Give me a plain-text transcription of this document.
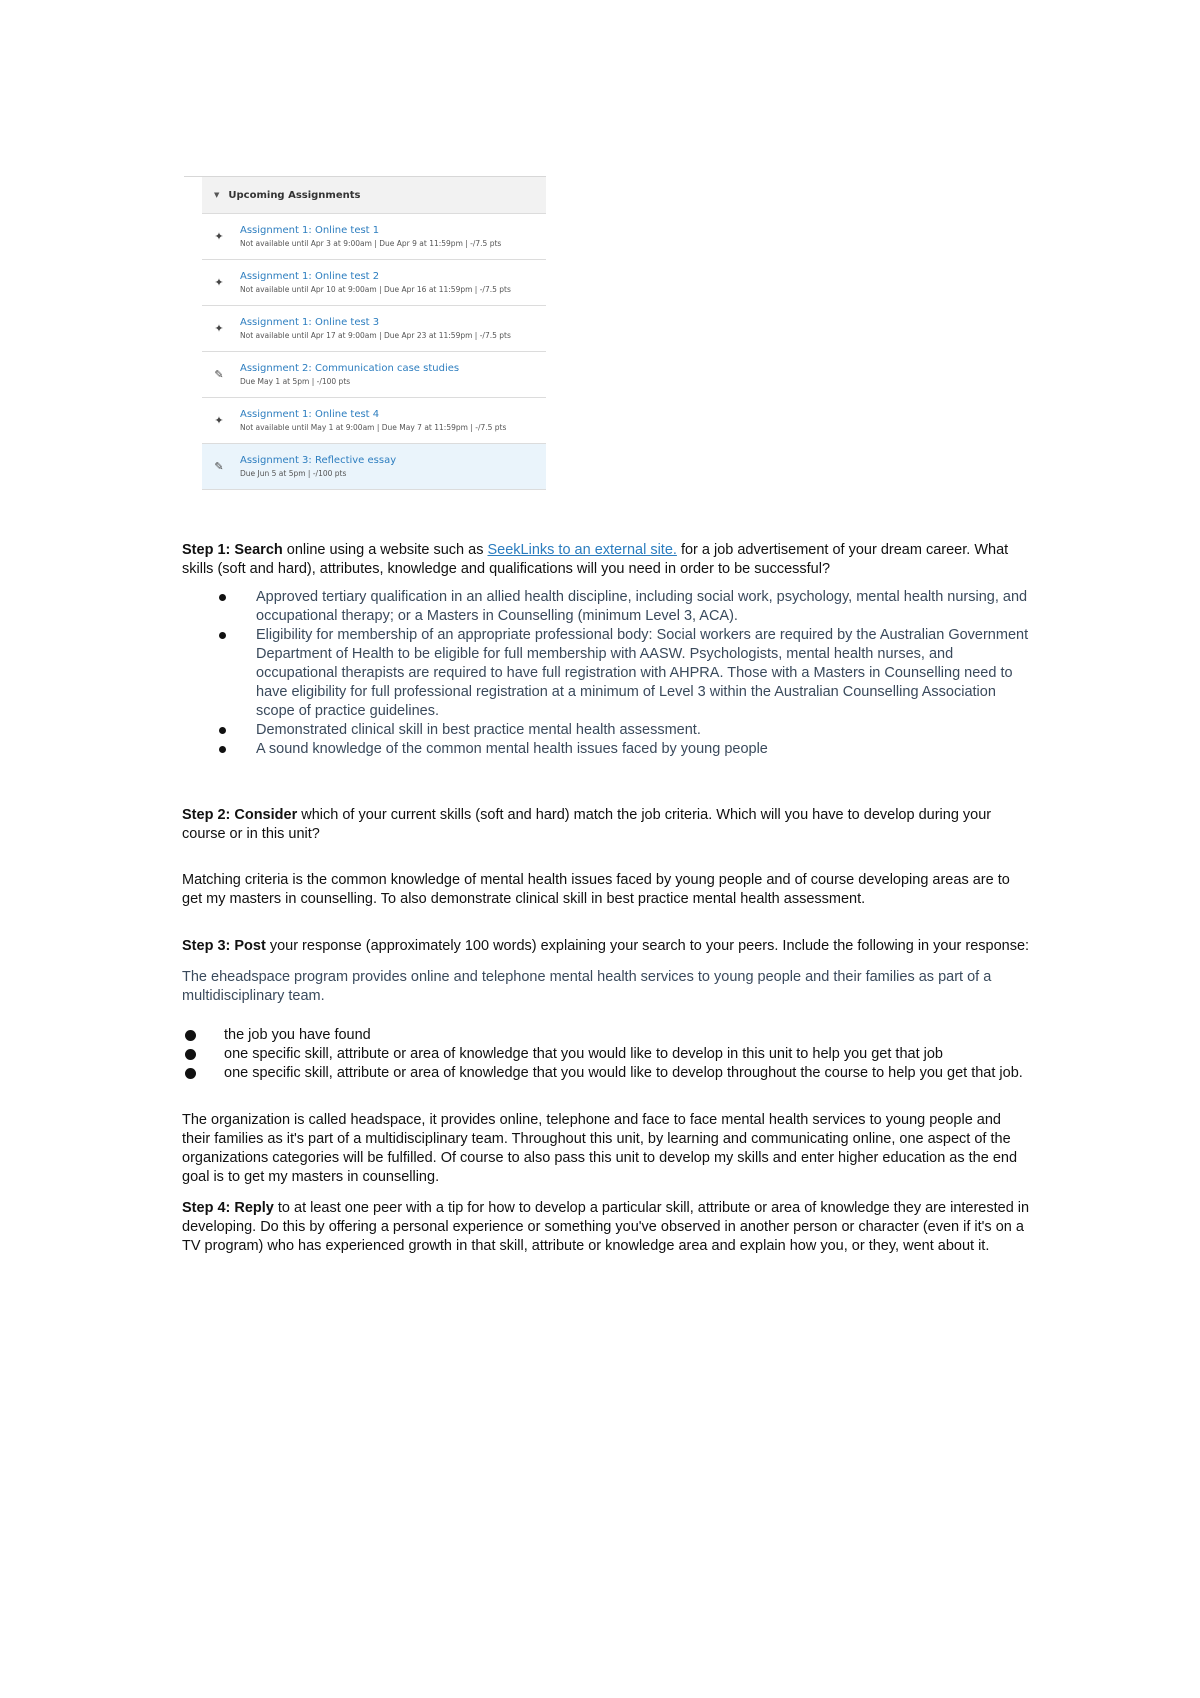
▼ Upcoming Assignments
✦ Assignment 1: Online test 1
Not available until Apr 3 at 9:00am | Due Apr 9 at 11:59pm | -/7.5 pts
✦ Assignment 1: Online test 2
Not available until Apr 10 at 9:00am | Due Apr 16 at 11:59pm | -/7.5 pts
✦ Assignment 1: Online test 3
Not available until Apr 17 at 9:00am | Due Apr 23 at 11:59pm | -/7.5 pts
✎ Assignment 2: Communication case studies
Due May 1 at 5pm | -/100 pts
✦ Assignment 1: Online test 4
Not available until May 1 at 9:00am | Due May 7 at 11:59pm | -/7.5 pts
✎ Assignment 3: Reflective essay
Due Jun 5 at 5pm | -/100 pts

Step 1: Search online using a website such as SeekLinks to an external site. for a job advertisement of your dream career. What skills (soft and hard), attributes, knowledge and qualifications will you need in order to be successful?

Approved tertiary qualification in an allied health discipline, including social work, psychology, mental health nursing, and occupational therapy; or a Masters in Counselling (minimum Level 3, ACA).
Eligibility for membership of an appropriate professional body: Social workers are required by the Australian Government Department of Health to be eligible for full membership with AASW. Psychologists, mental health nurses, and occupational therapists are required to have full registration with AHPRA. Those with a Masters in Counselling need to have eligibility for full professional registration at a minimum of Level 3 within the Australian Counselling Association scope of practice guidelines.
Demonstrated clinical skill in best practice mental health assessment.
A sound knowledge of the common mental health issues faced by young people

Step 2: Consider which of your current skills (soft and hard) match the job criteria. Which will you have to develop during your course or in this unit?

Matching criteria is the common knowledge of mental health issues faced by young people and of course developing areas are to get my masters in counselling. To also demonstrate clinical skill in best practice mental health assessment.

Step 3: Post your response (approximately 100 words) explaining your search to your peers. Include the following in your response:

The eheadspace program provides online and telephone mental health services to young people and their families as part of a multidisciplinary team.

the job you have found
one specific skill, attribute or area of knowledge that you would like to develop in this unit to help you get that job
one specific skill, attribute or area of knowledge that you would like to develop throughout the course to help you get that job.

The organization is called headspace, it provides online, telephone and face to face mental health services to young people and their families as it's part of a multidisciplinary team. Throughout this unit, by learning and communicating online, one aspect of the organizations categories will be fulfilled. Of course to also pass this unit to develop my skills and enter higher education as the end goal is to get my masters in counselling.

Step 4: Reply to at least one peer with a tip for how to develop a particular skill, attribute or area of knowledge they are interested in developing. Do this by offering a personal experience or something you've observed in another person or character (even if it's on a TV program) who has experienced growth in that skill, attribute or knowledge area and explain how you, or they, went about it.
